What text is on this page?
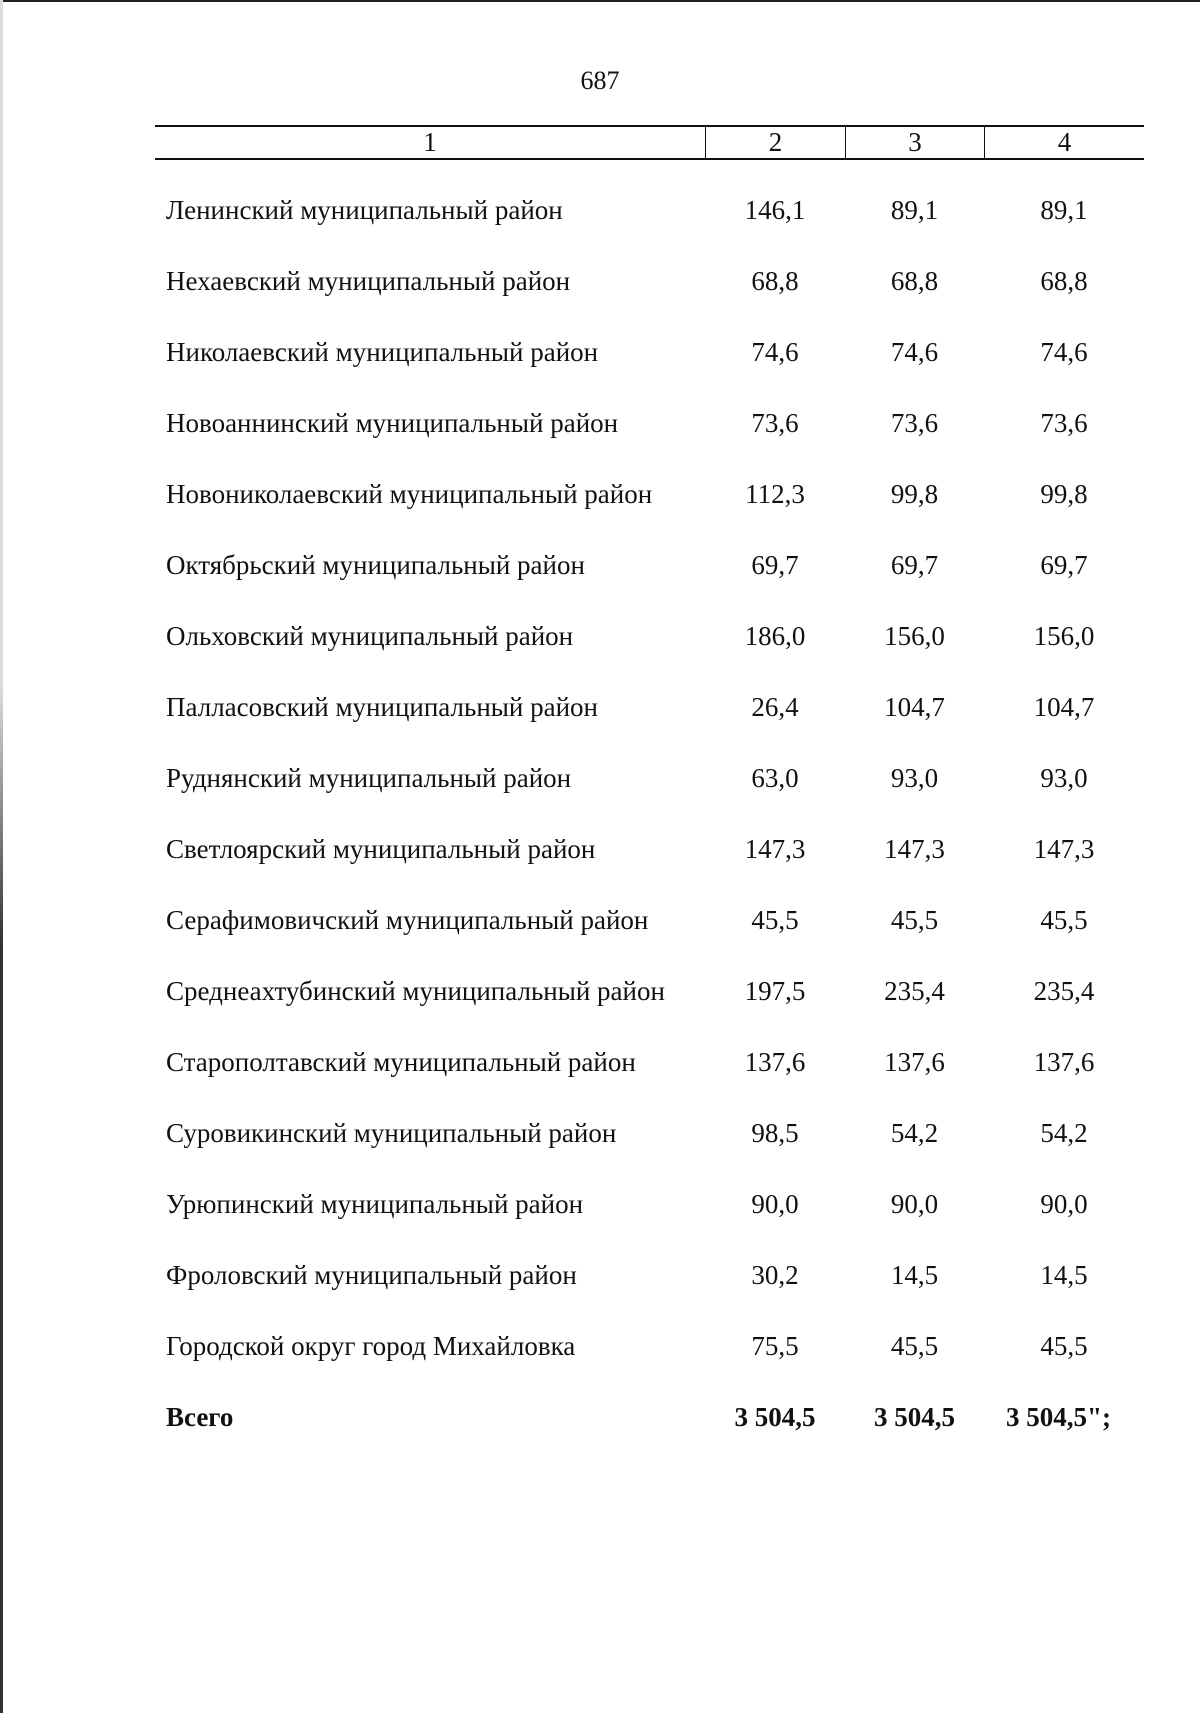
687
1	2	3	4
Ленинский муниципальный район	146,1	89,1	89,1
Нехаевский муниципальный район	68,8	68,8	68,8
Николаевский муниципальный район	74,6	74,6	74,6
Новоаннинский муниципальный район	73,6	73,6	73,6
Новониколаевский муниципальный район	112,3	99,8	99,8
Октябрьский муниципальный район	69,7	69,7	69,7
Ольховский муниципальный район	186,0	156,0	156,0
Палласовский муниципальный район	26,4	104,7	104,7
Руднянский муниципальный район	63,0	93,0	93,0
Светлоярский муниципальный район	147,3	147,3	147,3
Серафимовичский муниципальный район	45,5	45,5	45,5
Среднеахтубинский муниципальный район	197,5	235,4	235,4
Старополтавский муниципальный район	137,6	137,6	137,6
Суровикинский муниципальный район	98,5	54,2	54,2
Урюпинский муниципальный район	90,0	90,0	90,0
Фроловский муниципальный район	30,2	14,5	14,5
Городской округ город Михайловка	75,5	45,5	45,5
Всего	3 504,5	3 504,5	3 504,5";
